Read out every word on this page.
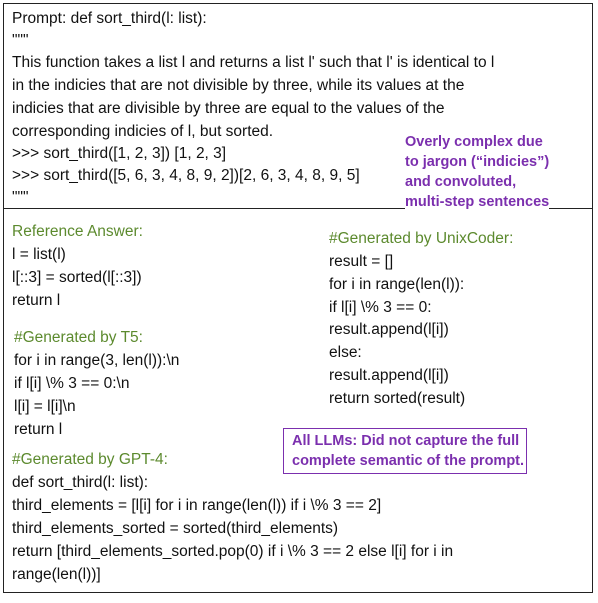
Prompt: def sort_third(l: list):
"""
This function takes a list l and returns a list l' such that l' is identical to l
in the indicies that are not divisible by three, while its values at the
indicies that are divisible by three are equal to the values of the
corresponding indicies of l, but sorted.
>>> sort_third([1, 2, 3]) [1, 2, 3]
>>> sort_third([5, 6, 3, 4, 8, 9, 2])[2, 6, 3, 4, 8, 9, 5]
"""
Overly complex due
to jargon (“indicies”)
and convoluted,
multi-step sentences
Reference Answer:
l = list(l)
l[::3] = sorted(l[::3])
return l
#Generated by T5:
for i in range(3, len(l)):\n
if l[i] \% 3 == 0:\n
l[i] = l[i]\n
return l
#Generated by UnixCoder:
result = []
for i in range(len(l)):
if l[i] \% 3 == 0:
result.append(l[i])
else:
result.append(l[i])
return sorted(result)
All LLMs: Did not capture the full
complete semantic of the prompt.
#Generated by GPT-4:
def sort_third(l: list):
third_elements = [l[i] for i in range(len(l)) if i \% 3 == 2]
third_elements_sorted = sorted(third_elements)
return [third_elements_sorted.pop(0) if i \% 3 == 2 else l[i] for i in
range(len(l))]
